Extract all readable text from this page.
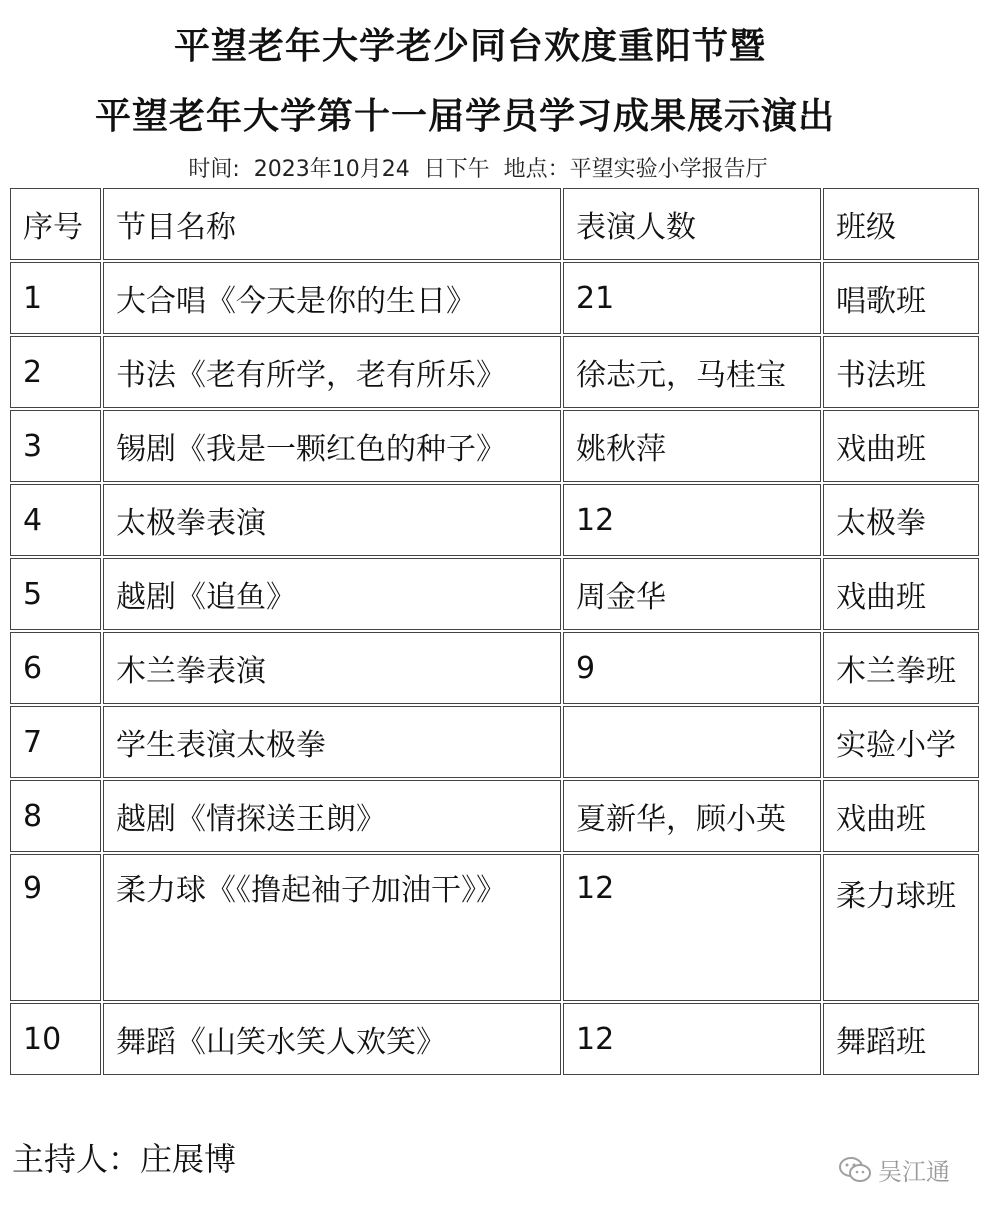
平望老年大学老少同台欢度重阳节暨
平望老年大学第十一届学员学习成果展示演出
时间:  2023年10月24  日下午  地点：平望实验小学报告厅
序号	节目名称	表演人数	班级
1	大合唱《今天是你的生日》	21	唱歌班
2	书法《老有所学，老有所乐》	徐志元，马桂宝	书法班
3	锡剧《我是一颗红色的种子》	姚秋萍	戏曲班
4	太极拳表演	12	太极拳
5	越剧《追鱼》	周金华	戏曲班
6	木兰拳表演	9	木兰拳班
7	学生表演太极拳		实验小学
8	越剧《情探送王朗》	夏新华，顾小英	戏曲班
9	柔力球《《撸起袖子加油干》》	12	柔力球班
10	舞蹈《山笑水笑人欢笑》	12	舞蹈班
主持人：庄展博	吴江通
